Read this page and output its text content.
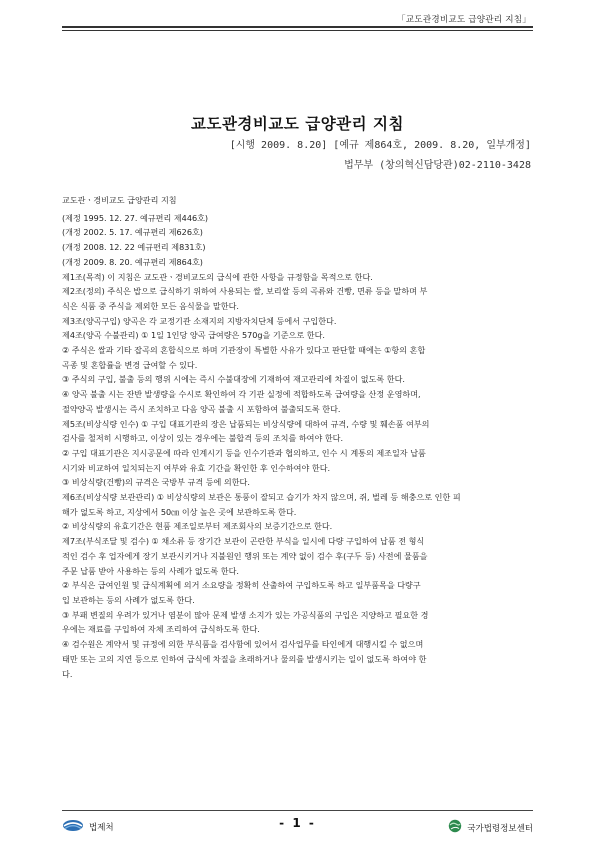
「교도관경비교도 급양관리 지침」
교도관경비교도 급양관리 지침
[시행 2009. 8.20] [예규 제864호, 2009. 8.20, 일부개정]
법무부 (창의혁신담당관)02-2110-3428

교도관ㆍ경비교도 급양관리 지침

(제정 1995. 12. 27. 예규편리 제446호)

(개정 2002. 5. 17. 예규편리 제626호)

(개정 2008. 12. 22 예규편리 제831호)

(개정 2009. 8. 20. 예규편리 제864호)

제1조(목적) 이 지침은 교도관ㆍ경비교도의 급식에 관한 사항을 규정함을 목적으로 한다.

제2조(정의) 주식은 밥으로 급식하기 위하여 사용되는 쌀, 보리쌀 등의 곡류와 건빵, 면류 등을 말하며 부

식은 식품 중 주식을 제외한 모든 음식물을 말한다.

제3조(양곡구입) 양곡은 각 교정기관 소재지의 지방자치단체 등에서 구입한다.

제4조(양곡 수불관리) ① 1일 1인당 양곡 급여량은 570g을 기준으로 한다.

② 주식은 쌀과 기타 잡곡의 혼합식으로 하며 기관장이 특별한 사유가 있다고 판단할 때에는 ①항의 혼합

곡종 및 혼합률을 변경 급여할 수 있다.

③ 주식의 구입, 불출 등의 행위 시에는 즉시 수불대장에 기재하여 재고관리에 차질이 없도록 한다.

④ 양곡 불출 시는 잔반 발생량을 수시로 확인하여 각 기관 실정에 적합하도록 급여량을 산정 운영하며,

절약양곡 발생시는 즉시 조치하고 다음 양곡 불출 시 포함하여 불출되도록 한다.

제5조(비상식량 인수) ① 구입 대표기관의 장은 납품되는 비상식량에 대하여 규격, 수량 및 훼손품 여부의

검사를 철저히 시행하고, 이상이 있는 경우에는 불합격 등의 조치를 하여야 한다.

② 구입 대표기관은 지시공문에 따라 인계시기 등을 인수기관과 협의하고, 인수 시 계통의 제조일자 납품

시기와 비교하여 일치되는지 여부와 유효 기간을 확인한 후 인수하여야 한다.

③ 비상식량(건빵)의 규격은 국방부 규격 등에 의한다.

제6조(비상식량 보관관리) ① 비상식량의 보관은 통풍이 잘되고 습기가 차지 않으며, 쥐, 벌레 등 해충으로 인한 피

해가 없도록 하고, 지상에서 50㎝ 이상 높은 곳에 보관하도록 한다.

② 비상식량의 유효기간은 현품 제조일로부터 제조회사의 보증기간으로 한다.

제7조(부식조달 및 검수) ① 채소류 등 장기간 보관이 곤란한 부식을 일시에 다량 구입하여 납품 전 형식

적인 검수 후 업자에게 장기 보관시키거나 지불원인 행위 또는 계약 없이 검수 후(구두 등) 사전에 물품을

주문 납품 받아 사용하는 등의 사례가 없도록 한다.

② 부식은 급여인원 및 급식계획에 의거 소요량을 정확히 산출하여 구입하도록 하고 일부품목을 다량구

입 보관하는 등의 사례가 없도록 한다.

③ 부패 변질의 우려가 있거나 염분이 많아 문제 발생 소지가 있는 가공식품의 구입은 지양하고 필요한 경

우에는 재료를 구입하여 자체 조리하여 급식하도록 한다.

④ 검수원은 계약서 및 규정에 의한 부식품을 검사함에 있어서 검사업무를 타인에게 대행시킬 수 없으며

태만 또는 고의 지연 등으로 인하여 급식에 차질을 초래하거나 물의를 발생시키는 일이 없도록 하여야 한

다.

법제처	- 1 -	국가법령정보센터
